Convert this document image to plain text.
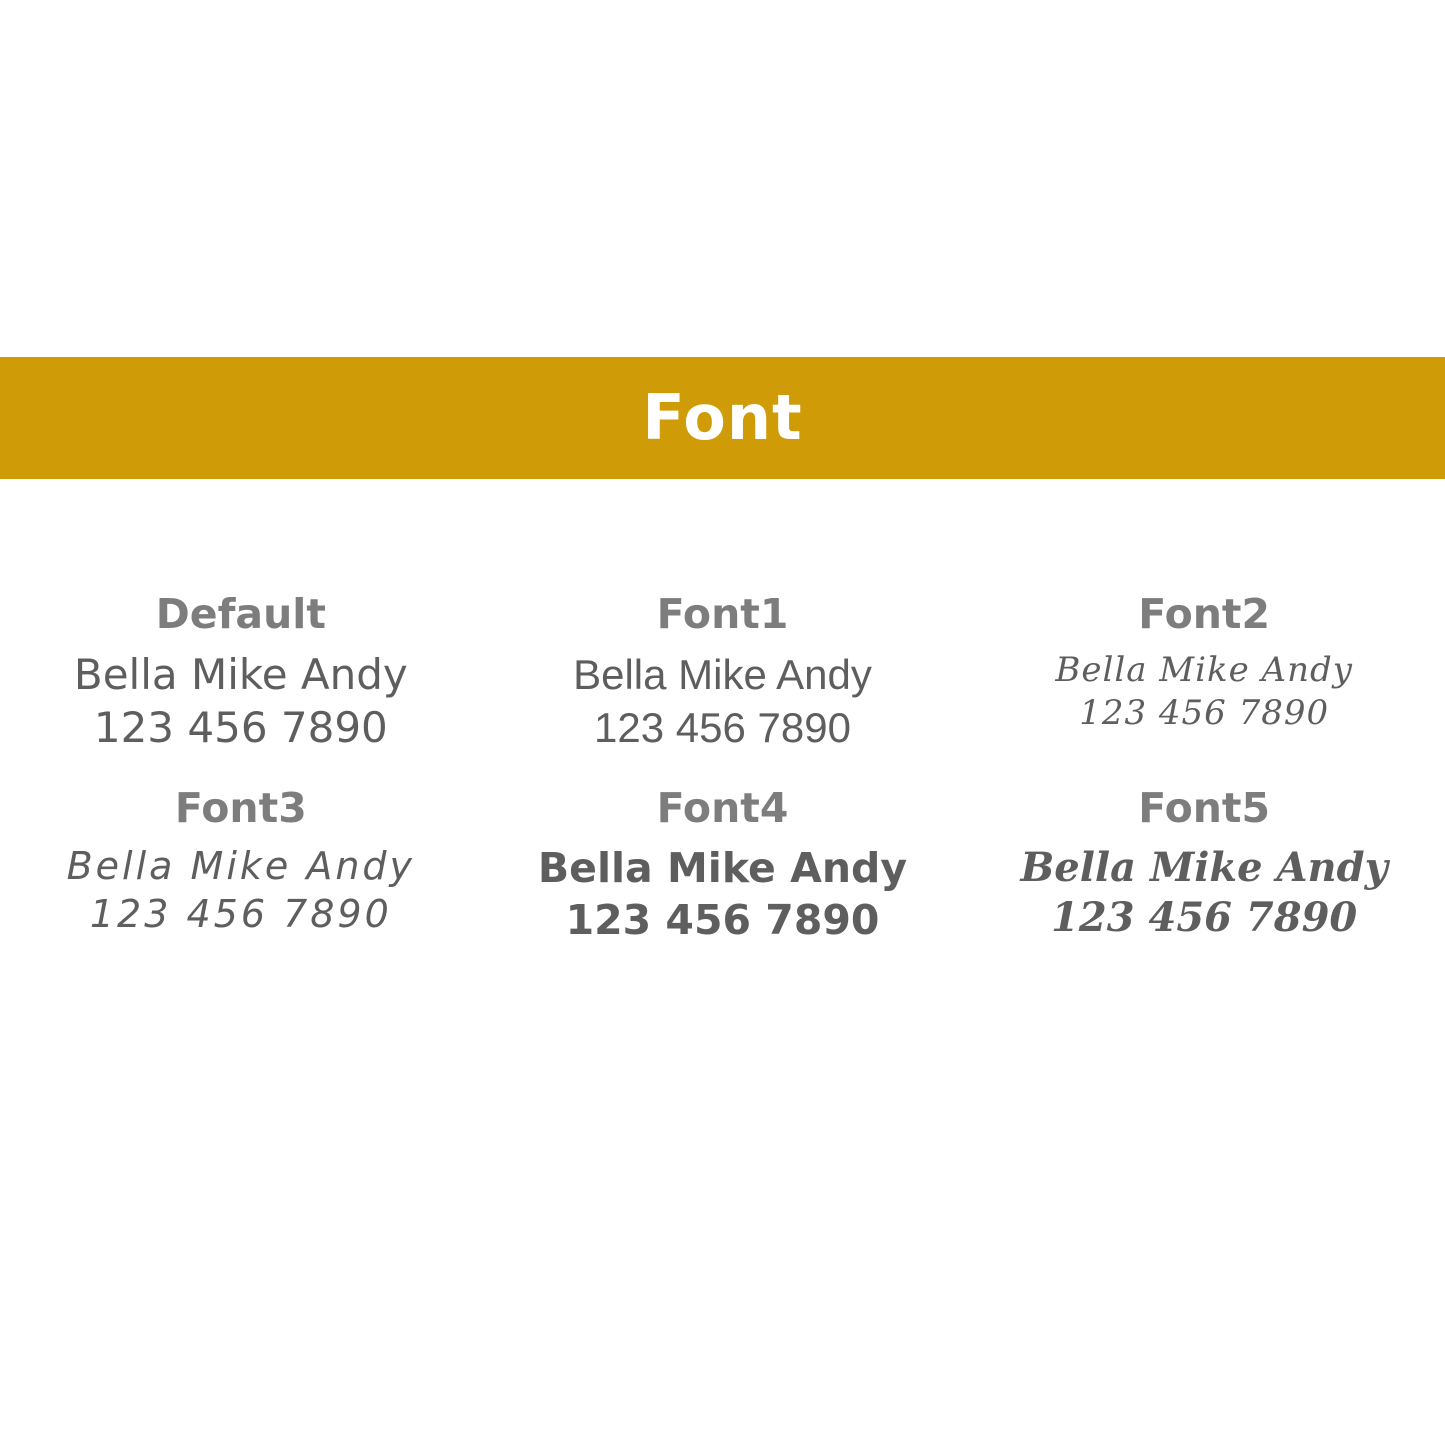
Font
Default
Bella Mike Andy
123 456 7890
Font1
Bella Mike Andy
123 456 7890
Font2
Bella Mike Andy
123 456 7890
Font3
Bella Mike Andy
123 456 7890
Font4
Bella Mike Andy
123 456 7890
Font5
Bella Mike Andy
123 456 7890
